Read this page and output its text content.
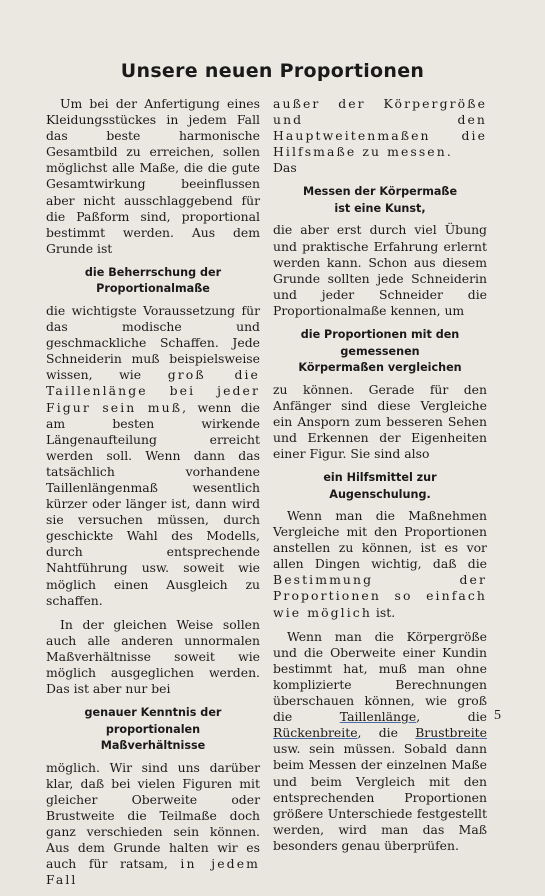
Unsere neuen Proportionen

Um bei der Anfertigung eines Kleidungsstückes in jedem Fall das beste harmonische Gesamtbild zu erreichen, sollen möglichst alle Maße, die die gute Gesamtwirkung beeinflussen aber nicht ausschlaggebend für die Paßform sind, proportional bestimmt werden. Aus dem Grunde ist

die Beherrschung der
Proportionalmaße

die wichtigste Voraussetzung für das modische und geschmackliche Schaffen. Jede Schneiderin muß beispielsweise wissen, wie groß die Taillenlänge bei jeder Figur sein muß, wenn die am besten wirkende Längenaufteilung erreicht werden soll. Wenn dann das tatsächlich vorhandene Taillenlängenmaß wesentlich kürzer oder länger ist, dann wird sie versuchen müssen, durch geschickte Wahl des Modells, durch entsprechende Nahtführung usw. soweit wie möglich einen Ausgleich zu schaffen.

In der gleichen Weise sollen auch alle anderen unnormalen Maßverhältnisse soweit wie möglich ausgeglichen werden. Das ist aber nur bei

genauer Kenntnis der proportionalen
Maßverhältnisse

möglich. Wir sind uns darüber klar, daß bei vielen Figuren mit gleicher Oberweite oder Brustweite die Teilmaße doch ganz verschieden sein können. Aus dem Grunde halten wir es auch für ratsam, in jedem Fall

außer der Körpergröße und den Hauptweitenmaßen die Hilfsmaße zu messen.
Das

Messen der Körpermaße
ist eine Kunst,

die aber erst durch viel Übung und praktische Erfahrung erlernt werden kann. Schon aus diesem Grunde sollten jede Schneiderin und jeder Schneider die Proportionalmaße kennen, um

die Proportionen mit den gemessenen
Körpermaßen vergleichen

zu können. Gerade für den Anfänger sind diese Vergleiche ein Ansporn zum besseren Sehen und Erkennen der Eigenheiten einer Figur. Sie sind also

ein Hilfsmittel zur Augenschulung.

Wenn man die Maßnehmen Vergleiche mit den Proportionen anstellen zu können, ist es vor allen Dingen wichtig, daß die Bestimmung der Proportionen so einfach wie möglich ist.

Wenn man die Körpergröße und die Oberweite einer Kundin bestimmt hat, muß man ohne komplizierte Berechnungen überschauen können, wie groß die	Taillenlänge, die Rückenbreite, die Brustbreite usw. sein müssen. Sobald dann beim Messen der einzelnen Maße und beim Vergleich mit den entsprechenden Proportionen größere Unterschiede festgestellt werden, wird man das Maß besonders genau überprüfen.

5
